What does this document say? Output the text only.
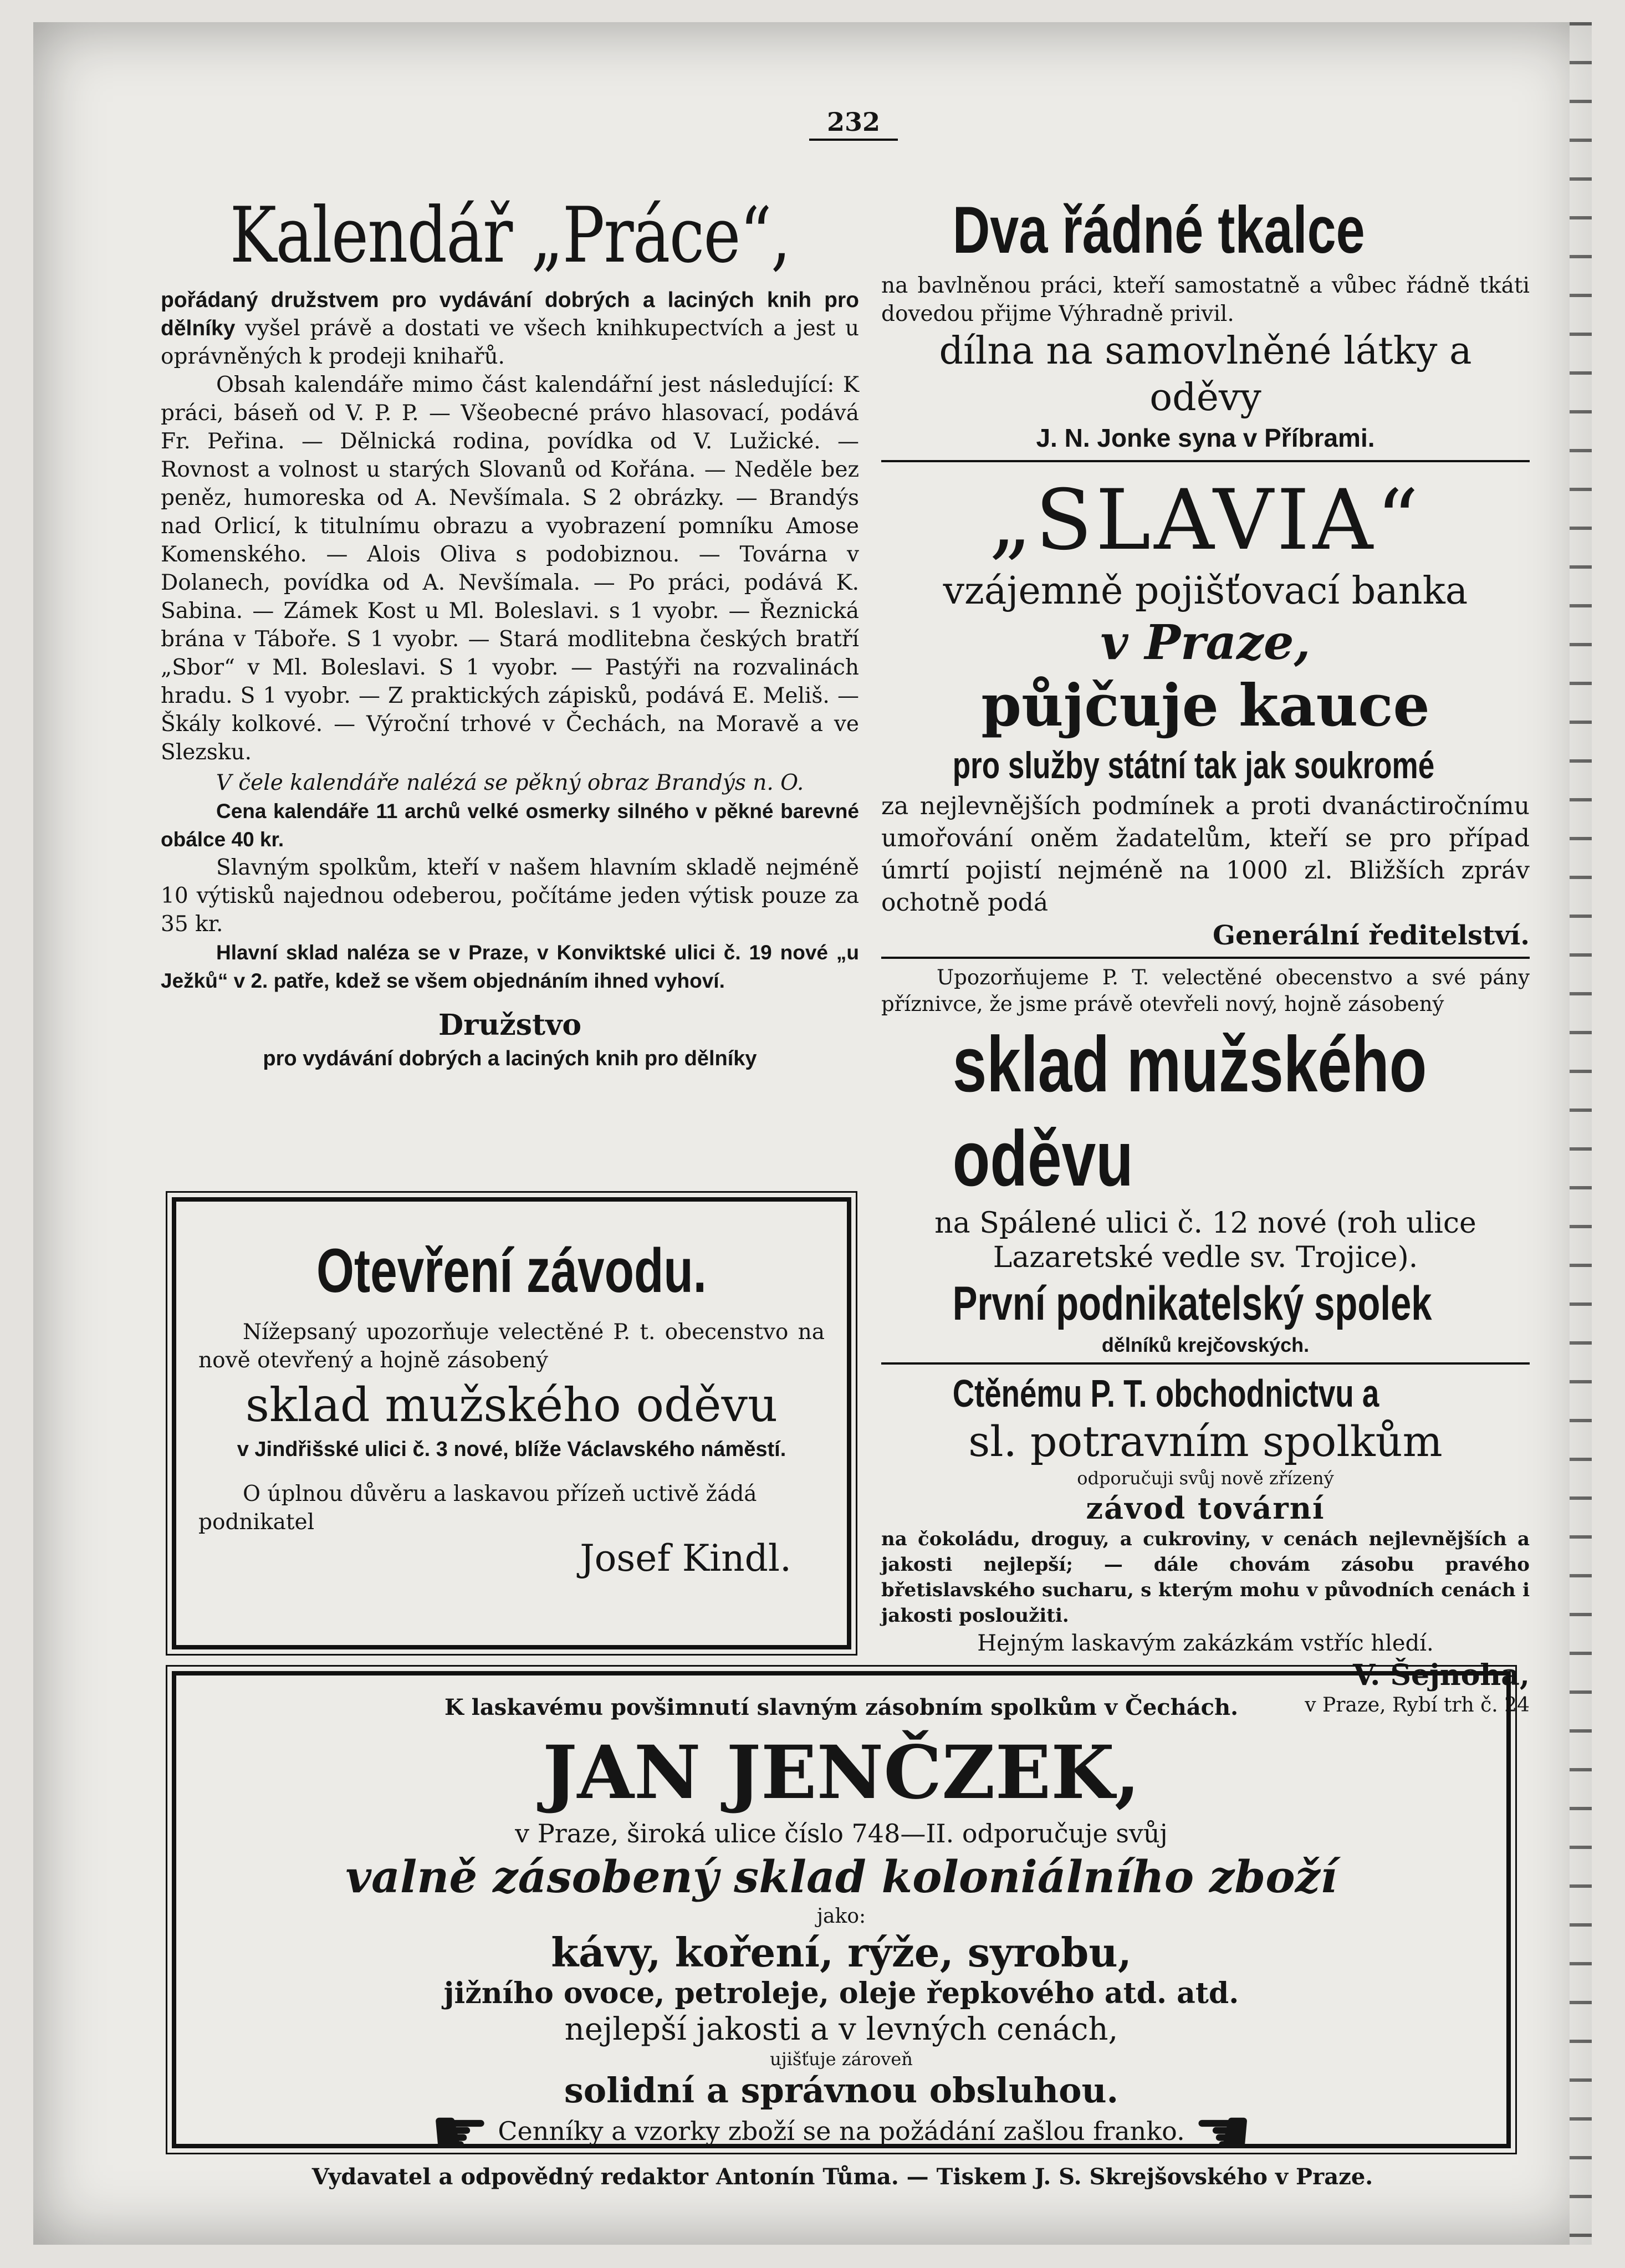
232
Kalendář „Práce“,

pořádaný družstvem pro vydávání dobrých a laciných knih pro dělníky vyšel právě a dostati ve všech knihkupectvích a jest u oprávněných k prodeji knihařů.

Obsah kalendáře mimo část kalendářní jest následující: K práci, báseň od V. P. P. — Všeobecné právo hlasovací, podává Fr. Peřina. — Dělnická rodina, povídka od V. Lužické. — Rovnost a volnost u starých Slovanů od Kořána. — Neděle bez peněz, humoreska od A. Nevšímala. S 2 obrázky. — Brandýs nad Orlicí, k titulnímu obrazu a vyobrazení pomníku Amose Komenského. — Alois Oliva s podobiznou. — Továrna v Dolanech, povídka od A. Nevšímala. — Po práci, podává K. Sabina. — Zámek Kost u Ml. Boleslavi. s 1 vyobr. — Řeznická brána v Táboře. S 1 vyobr. — Stará modlitebna českých bratří „Sbor“ v Ml. Boleslavi. S 1 vyobr. — Pastýři na rozvalinách hradu. S 1 vyobr. — Z praktických zápisků, podává E. Meliš. — Škály kolkové. — Výroční trhové v Čechách, na Moravě a ve Slezsku.

V čele kalendáře nalézá se pěkný obraz Brandýs n. O.

Cena kalendáře 11 archů velké osmerky silného v pěkné barevné obálce 40 kr.

Slavným spolkům, kteří v našem hlavním skladě nejméně 10 výtisků najednou odeberou, počítáme jeden výtisk pouze za 35 kr.

Hlavní sklad naléza se v Praze, v Konviktské ulici č. 19 nové „u Ježků“ v 2. patře, kdež se všem objednáním ihned vyhoví.

Družstvo

pro vydávání dobrých a laciných knih pro dělníky

Otevření závodu.

Nížepsaný upozorňuje velectěné P. t. obecenstvo na nově otevřený a hojně zásobený

sklad mužského oděvu

v Jindřišské ulici č. 3 nové, blíže Václavského náměstí.

O úplnou důvěru a laskavou přízeň uctivě žádá podnikatel

Josef Kindl.

Dva řádné tkalce

na bavlněnou práci, kteří samostatně a vůbec řádně tkáti dovedou přijme Výhradně privil.

dílna na samovlněné látky a oděvy

J. N. Jonke syna v Příbrami.

„SLAVIA“

vzájemně pojišťovací banka

v Praze,

půjčuje kauce

pro služby státní tak jak soukromé

za nejlevnějších podmínek a proti dvanáctiročnímu umořování oněm žadatelům, kteří se pro případ úmrtí pojistí nejméně na 1000 zl. Bližších zpráv ochotně podá

Generální ředitelství.

Upozorňujeme P. T. velectěné obecenstvo a své pány příznivce, že jsme právě otevřeli nový, hojně zásobený

sklad mužského oděvu

na Spálené ulici č. 12 nové (roh ulice Lazaretské vedle sv. Trojice).

První podnikatelský spolek

dělníků krejčovských.

Ctěnému P. T. obchodnictvu a

sl. potravním spolkům

odporučuji svůj nově zřízený

závod tovární

na čokoládu, droguy, a cukroviny, v cenách nejlevnějších a jakosti nejlepší; — dále chovám zásobu pravého břetislavského sucharu, s kterým mohu v původních cenách i jakosti posloužiti.

Hejným laskavým zakázkám vstříc hledí.

V. Šejnoha,

v Praze, Rybí trh č. 24

K laskavému povšimnutí slavným zásobním spolkům v Čechách.

JAN JENČZEK,

v Praze, široká ulice číslo 748—II. odporučuje svůj

valně zásobený sklad koloniálního zboží

jako:

kávy, koření, rýže, syrobu,

jižního ovoce, petroleje, oleje řepkového atd. atd.

nejlepší jakosti a v levných cenách,

ujišťuje zároveň

solidní a správnou obsluhou.

☛ Cenníky a vzorky zboží se na požádání zašlou franko. ☚

Vydavatel a odpovědný redaktor Antonín Tůma. — Tiskem J. S. Skrejšovského v Praze.
